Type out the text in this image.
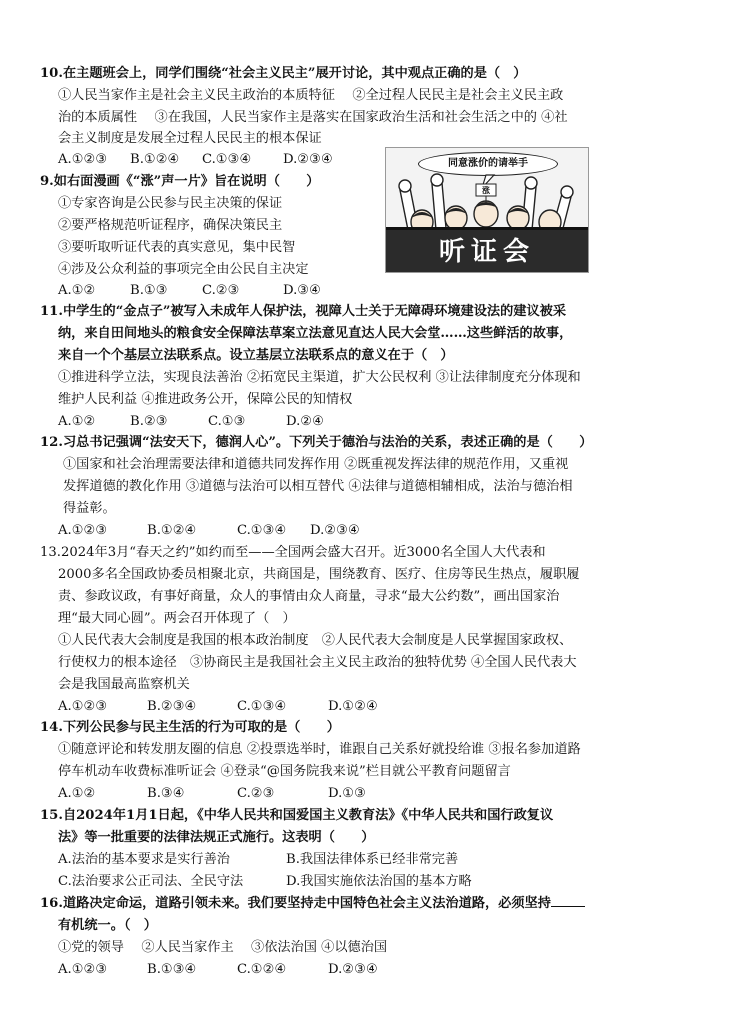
10.在主题班会上，同学们围绕“社会主义民主”展开讨论，其中观点正确的是（　）
①人民当家作主是社会主义民主政治的本质特征　 ②全过程人民民主是社会主义民主政
治的本质属性　 ③在我国，人民当家作主是落实在国家政治生活和社会生活之中的 ④社
会主义制度是发展全过程人民民主的根本保证
A.①②③ B.①②④ C.①③④ D.②③④
9.如右面漫画《“涨”声一片》旨在说明（　　）
①专家咨询是公民参与民主决策的保证
②要严格规范听证程序，确保决策民主
③要听取听证代表的真实意见，集中民智
④涉及公众利益的事项完全由公民自主决定
A.①②	B.①③	C.②③	D.③④
同意涨价的请举手
涨
听证会
11.中学生的“金点子”被写入未成年人保护法，视障人士关于无障碍环境建设法的建议被采
纳，来自田间地头的粮食安全保障法草案立法意见直达人民大会堂……这些鲜活的故事，
来自一个个基层立法联系点。设立基层立法联系点的意义在于（　）
①推进科学立法，实现良法善治 ②拓宽民主渠道，扩大公民权利 ③让法律制度充分体现和
维护人民利益 ④推进政务公开，保障公民的知情权
A.①②	B.②③	C.①③	D.②④
12.习总书记强调“法安天下，德润人心”。下列关于德治与法治的关系，表述正确的是（　　）
①国家和社会治理需要法律和道德共同发挥作用 ②既重视发挥法律的规范作用，又重视
发挥道德的教化作用 ③道德与法治可以相互替代 ④法律与道德相辅相成，法治与德治相
得益彰。
A.①②③	B.①②④	C.①③④ D.②③④
13.2024年3月“春天之约”如约而至——全国两会盛大召开。近3000名全国人大代表和
2000多名全国政协委员相聚北京，共商国是，围绕教育、医疗、住房等民生热点，履职履
责、参政议政，有事好商量，众人的事情由众人商量，寻求“最大公约数”，画出国家治
理“最大同心圆”。两会召开体现了（　）
①人民代表大会制度是我国的根本政治制度　②人民代表大会制度是人民掌握国家政权、
行使权力的根本途径　③协商民主是我国社会主义民主政治的独特优势 ④全国人民代表大
会是我国最高监察机关
A.①②③	B.②③④	C.①③④	D.①②④
14.下列公民参与民主生活的行为可取的是（　　）
①随意评论和转发朋友圈的信息 ②投票选举时，谁跟自己关系好就投给谁 ③报名参加道路
停车机动车收费标准听证会 ④登录“@国务院我来说”栏目就公平教育问题留言
A.①②	B.③④	C.②③	D.①③
15.自2024年1月1日起，《中华人民共和国爱国主义教育法》《中华人民共和国行政复议
法》等一批重要的法律法规正式施行。这表明（　　）
A.法治的基本要求是实行善治	B.我国法律体系已经非常完善
C.法治要求公正司法、全民守法	D.我国实施依法治国的基本方略
16.道路决定命运，道路引领未来。我们要坚持走中国特色社会主义法治道路，必须坚持
有机统一。（　）
①党的领导　 ②人民当家作主　 ③依法治国 ④以德治国
A.①②③	B.①③④	C.①②④	D.②③④
